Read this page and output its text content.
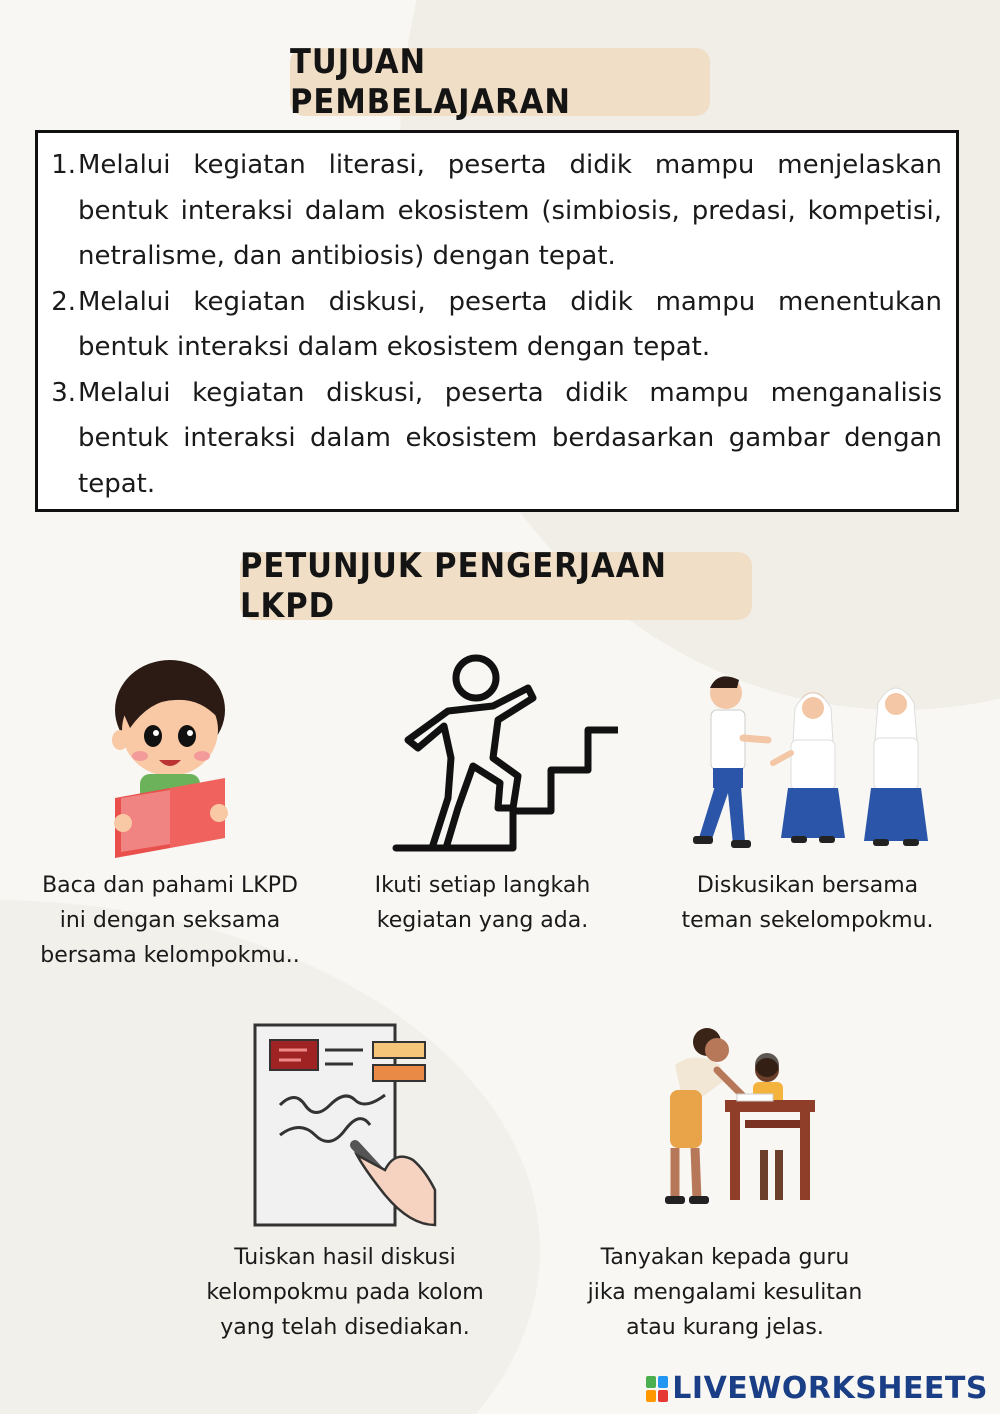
TUJUAN PEMBELAJARAN
1. Melalui kegiatan literasi, peserta didik mampu menjelaskan bentuk interaksi dalam ekosistem (simbiosis, predasi, kompetisi, netralisme, dan antibiosis) dengan tepat.
2. Melalui kegiatan diskusi, peserta didik mampu menentukan bentuk interaksi dalam ekosistem dengan tepat.
3. Melalui kegiatan diskusi, peserta didik mampu menganalisis bentuk interaksi dalam ekosistem berdasarkan gambar dengan tepat.
PETUNJUK PENGERJAAN LKPD
Baca dan pahami LKPD
ini dengan seksama
bersama kelompokmu..
Ikuti setiap langkah
kegiatan yang ada.
Diskusikan bersama
teman sekelompokmu.
Tuiskan hasil diskusi
kelompokmu pada kolom
yang telah disediakan.
Tanyakan kepada guru
jika mengalami kesulitan
atau kurang jelas.
LIVEWORKSHEETS
